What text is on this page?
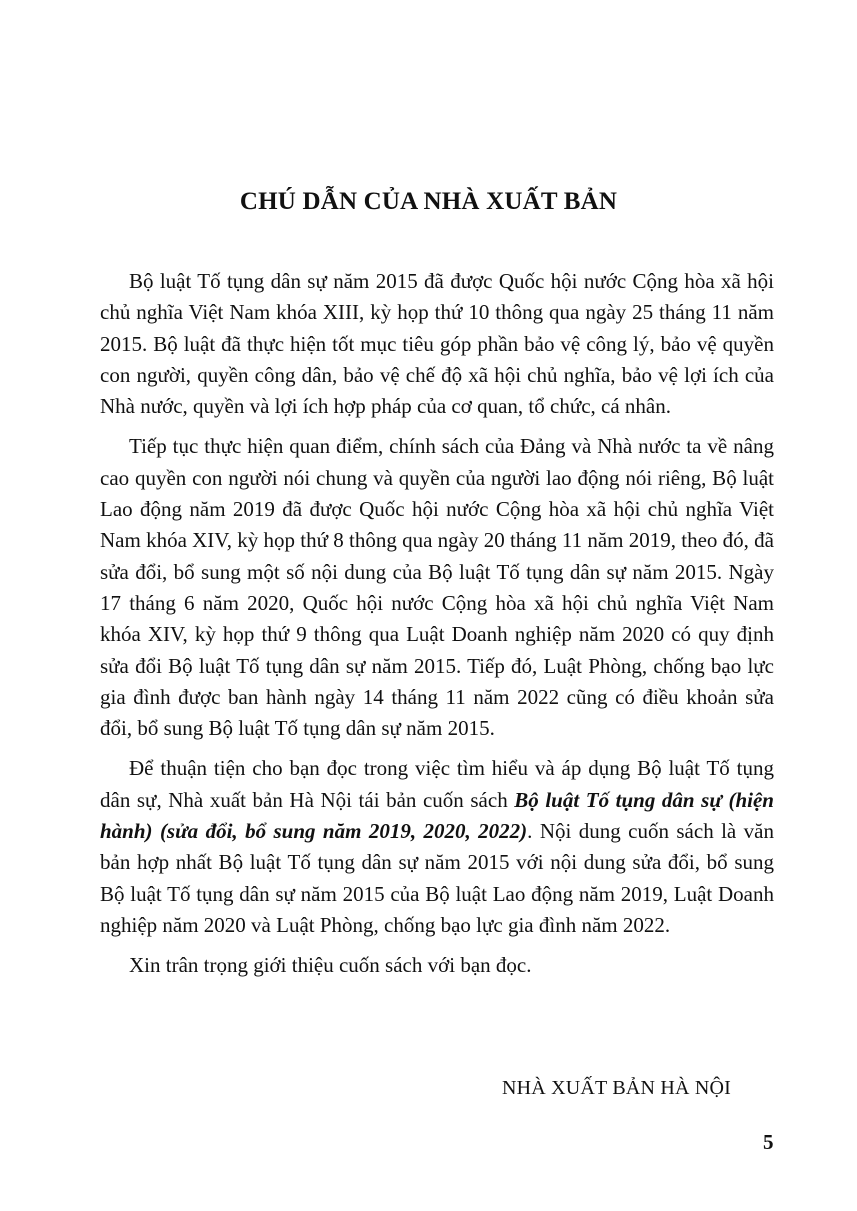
CHÚ DẪN CỦA NHÀ XUẤT BẢN

Bộ luật Tố tụng dân sự năm 2015 đã được Quốc hội nước Cộng hòa xã hội chủ nghĩa Việt Nam khóa XIII, kỳ họp thứ 10 thông qua ngày 25 tháng 11 năm 2015. Bộ luật đã thực hiện tốt mục tiêu góp phần bảo vệ công lý, bảo vệ quyền con người, quyền công dân, bảo vệ chế độ xã hội chủ nghĩa, bảo vệ lợi ích của Nhà nước, quyền và lợi ích hợp pháp của cơ quan, tổ chức, cá nhân.

Tiếp tục thực hiện quan điểm, chính sách của Đảng và Nhà nước ta về nâng cao quyền con người nói chung và quyền của người lao động nói riêng, Bộ luật Lao động năm 2019 đã được Quốc hội nước Cộng hòa xã hội chủ nghĩa Việt Nam khóa XIV, kỳ họp thứ 8 thông qua ngày 20 tháng 11 năm 2019, theo đó, đã sửa đổi, bổ sung một số nội dung của Bộ luật Tố tụng dân sự năm 2015. Ngày 17 tháng 6 năm 2020, Quốc hội nước Cộng hòa xã hội chủ nghĩa Việt Nam khóa XIV, kỳ họp thứ 9 thông qua Luật Doanh nghiệp năm 2020 có quy định sửa đổi Bộ luật Tố tụng dân sự năm 2015. Tiếp đó, Luật Phòng, chống bạo lực gia đình được ban hành ngày 14 tháng 11 năm 2022 cũng có điều khoản sửa đổi, bổ sung Bộ luật Tố tụng dân sự năm 2015.

Để thuận tiện cho bạn đọc trong việc tìm hiểu và áp dụng Bộ luật Tố tụng dân sự, Nhà xuất bản Hà Nội tái bản cuốn sách Bộ luật Tố tụng dân sự (hiện hành) (sửa đổi, bổ sung năm 2019, 2020, 2022). Nội dung cuốn sách là văn bản hợp nhất Bộ luật Tố tụng dân sự năm 2015 với nội dung sửa đổi, bổ sung Bộ luật Tố tụng dân sự năm 2015 của Bộ luật Lao động năm 2019, Luật Doanh nghiệp năm 2020 và Luật Phòng, chống bạo lực gia đình năm 2022.

Xin trân trọng giới thiệu cuốn sách với bạn đọc.

NHÀ XUẤT BẢN HÀ NỘI
5
